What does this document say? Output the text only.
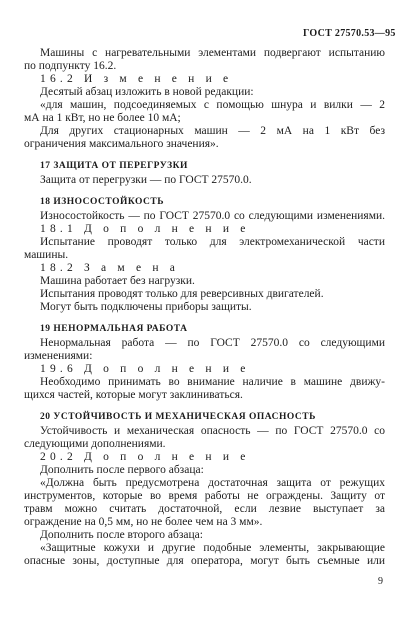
ГОСТ 27570.53—95
Машины с нагревательными элементами подвергают испытанию
по подпункту 16.2.
16.2 И з м е н е н и е
Десятый абзац изложить в новой редакции:
«для машин, подсоединяемых с помощью шнура и вилки — 2
мА на 1 кВт, но не более 10 мА;
Для других стационарных машин — 2 мА на 1 кВт без
ограничения максимального значения».
17 ЗАЩИТА ОТ ПЕРЕГРУЗКИ
Защита от перегрузки — по ГОСТ 27570.0.
18 ИЗНОСОСТОЙКОСТЬ
Износостойкость — по ГОСТ 27570.0 со следующими изменениями.
18.1 Д о п о л н е н и е
Испытание проводят только для электромеханической части
машины.
18.2 З а м е н а
Машина работает без нагрузки.
Испытания проводят только для реверсивных двигателей.
Могут быть подключены приборы защиты.
19 НЕНОРМАЛЬНАЯ РАБОТА
Ненормальная работа — по ГОСТ 27570.0 со следующими
изменениями:
19.6 Д о п о л н е н и е
Необходимо принимать во внимание наличие в машине движу-
щихся частей, которые могут заклиниваться.
20 УСТОЙЧИВОСТЬ И МЕХАНИЧЕСКАЯ ОПАСНОСТЬ
Устойчивость и механическая опасность — по ГОСТ 27570.0 со
следующими дополнениями.
20.2 Д о п о л н е н и е
Дополнить после первого абзаца:
«Должна быть предусмотрена достаточная защита от режущих
инструментов, которые во время работы не ограждены. Защиту от
травм можно считать достаточной, если лезвие выступает за
ограждение на 0,5 мм, но не более чем на 3 мм».
Дополнить после второго абзаца:
«Защитные кожухи и другие подобные элементы, закрывающие
опасные зоны, доступные для оператора, могут быть съемные или
9
